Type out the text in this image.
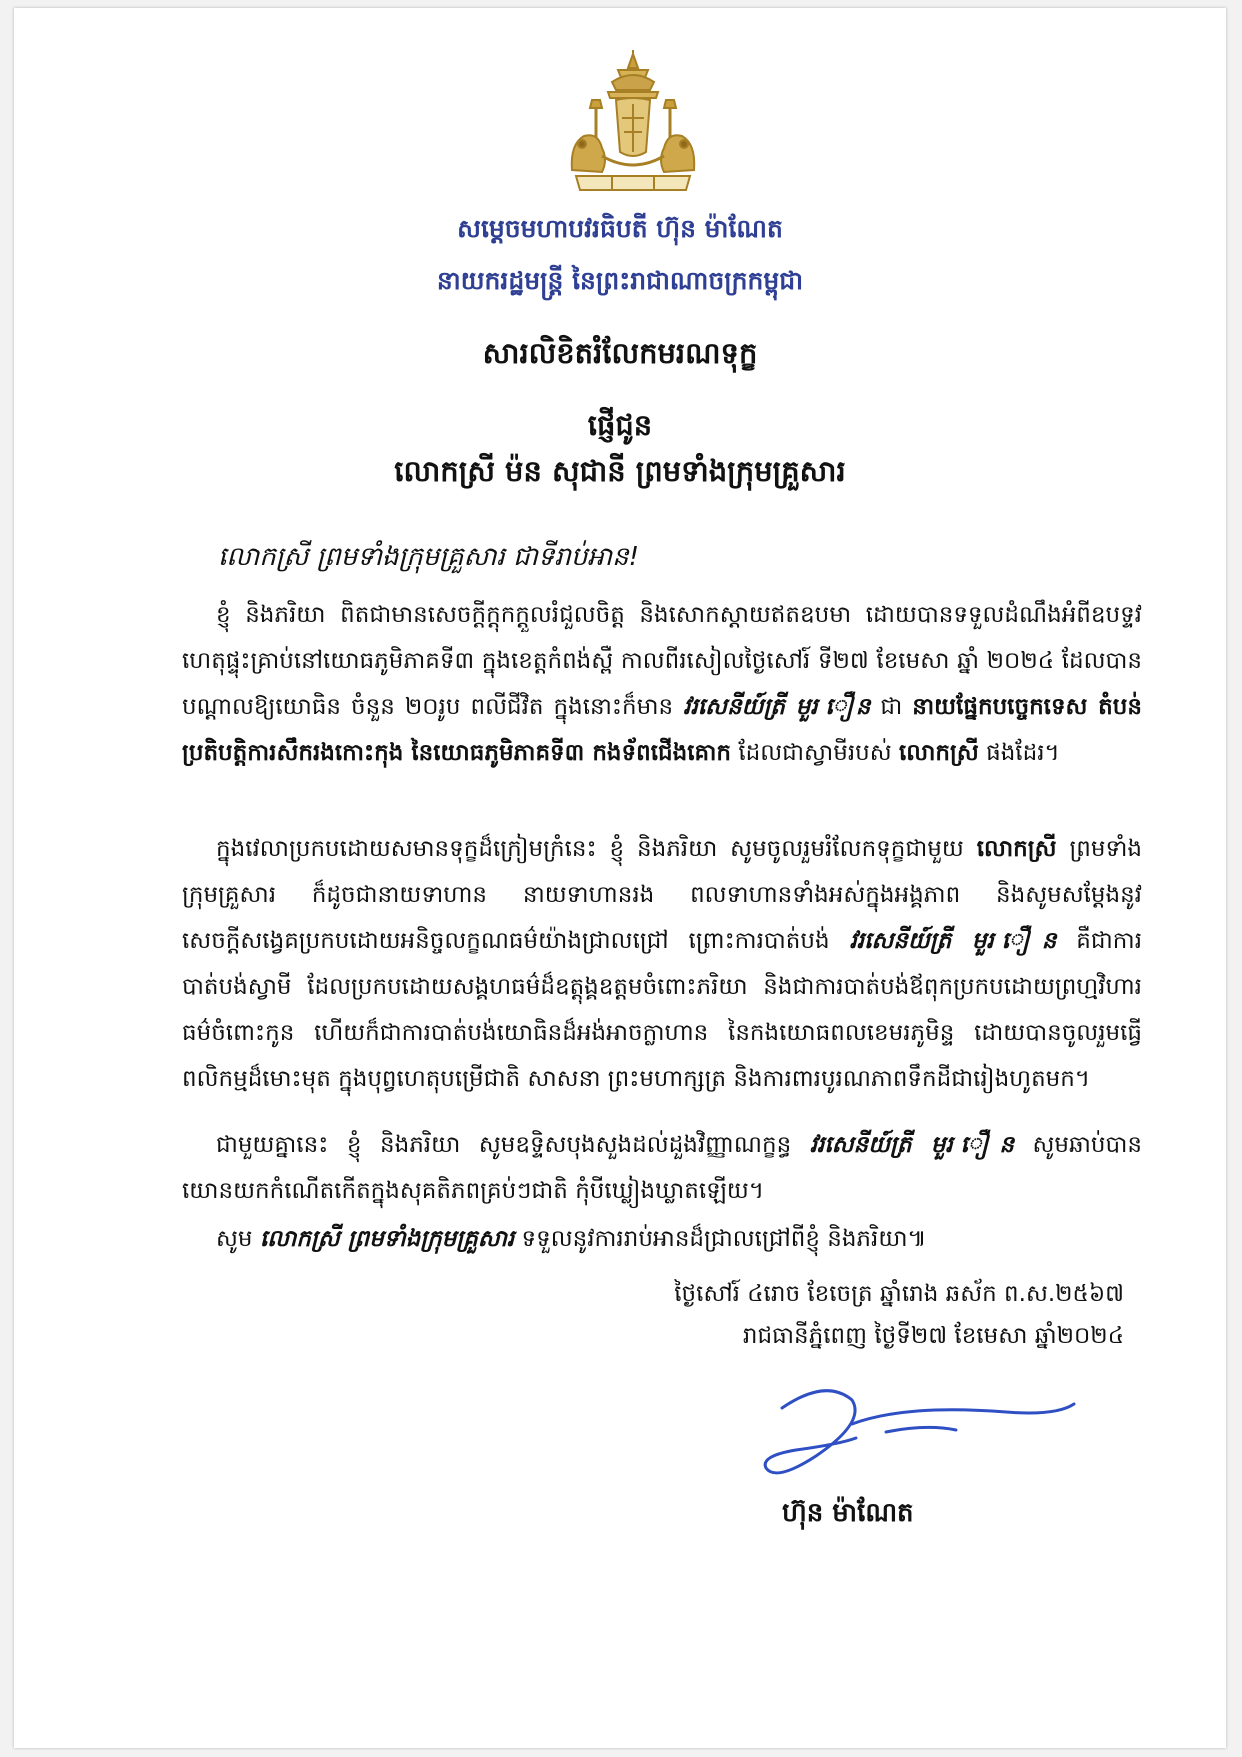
សម្តេចមហាបវរធិបតី ហ៊ុន ម៉ាណែត
នាយករដ្ឋមន្ត្រី នៃព្រះរាជាណាចក្រកម្ពុជា
សារលិខិតរំលែកមរណទុក្ខ
ផ្ញើជូន
លោកស្រី ម៉ន សុជានី ព្រមទាំងក្រុមគ្រួសារ
លោកស្រី ព្រមទាំងក្រុមគ្រួសារ ជាទីរាប់អាន!

ខ្ញុំ និងភរិយា ពិតជាមានសេចក្តីក្តុកក្តួលរំជួលចិត្ត និងសោកស្តាយឥតឧបមា ដោយបានទទួលដំណឹងអំពីឧបទ្ទវហេតុផ្ទុះគ្រាប់នៅយោធភូមិភាគទី៣ ក្នុងខេត្តកំពង់ស្ពឺ កាលពីរសៀលថ្ងៃសៅរ៍ ទី២៧ ខែមេសា ឆ្នាំ ២០២៤ ដែលបានបណ្តាលឱ្យយោធិន ចំនួន ២០រូប ពលីជីវិត ក្នុងនោះក៏មាន វរសេនីយ៍ត្រី មួរ ឿន ជា នាយផ្នែកបច្ចេកទេស តំបន់ប្រតិបត្តិការសឹករងកោះកុង នៃយោធភូមិភាគទី៣ កងទ័ពជើងគោក ដែលជាស្វាមីរបស់ លោកស្រី ផងដែរ។

ក្នុងវេលាប្រកបដោយសមានទុក្ខដ៏ក្រៀមក្រំនេះ ខ្ញុំ និងភរិយា សូមចូលរួមរំលែកទុក្ខជាមួយ លោកស្រី ព្រមទាំងក្រុមគ្រួសារ ក៏ដូចជានាយទាហាន នាយទាហានរង ពលទាហានទាំងអស់ក្នុងអង្គភាព និងសូមសម្តែងនូវសេចក្តីសង្វេគប្រកបដោយអនិច្ចលក្ខណធម៌យ៉ាងជ្រាលជ្រៅ ព្រោះការបាត់បង់ វរសេនីយ៍ត្រី មួរ ឿន គឺជាការបាត់បង់ស្វាមី ដែលប្រកបដោយសង្គហធម៌ដ៏ឧត្តុង្គឧត្តមចំពោះភរិយា និងជាការបាត់បង់ឪពុកប្រកបដោយព្រហ្មវិហារធម៌ចំពោះកូន ហើយក៏ជាការបាត់បង់យោធិនដ៏អង់អាចក្លាហាន នៃកងយោធពលខេមរភូមិន្ទ ដោយបានចូលរួមធ្វើពលិកម្មដ៏មោះមុត ក្នុងបុព្វហេតុបម្រើជាតិ សាសនា ព្រះមហាក្សត្រ និងការពារបូរណភាពទឹកដីជារៀងហូតមក។

ជាមួយគ្នានេះ ខ្ញុំ និងភរិយា សូមឧទ្ទិសបុងសួងដល់ដួងវិញ្ញាណក្ខន្ធ វរសេនីយ៍ត្រី មួរ ឿន សូមឆាប់បានយោនយកកំណើតកើតក្នុងសុគតិភពគ្រប់ៗជាតិ កុំបីឃ្លៀងឃ្លាតឡើយ។

សូម លោកស្រី ព្រមទាំងក្រុមគ្រួសារ ទទួលនូវការរាប់អានដ៏ជ្រាលជ្រៅពីខ្ញុំ និងភរិយា៕

ថ្ងៃសៅរ៍ ៤រោច ខែចេត្រ ឆ្នាំរោង ឆស័ក ព.ស.២៥៦៧
រាជធានីភ្នំពេញ ថ្ងៃទី២៧ ខែមេសា ឆ្នាំ២០២៤
ហ៊ុន ម៉ាណែត
